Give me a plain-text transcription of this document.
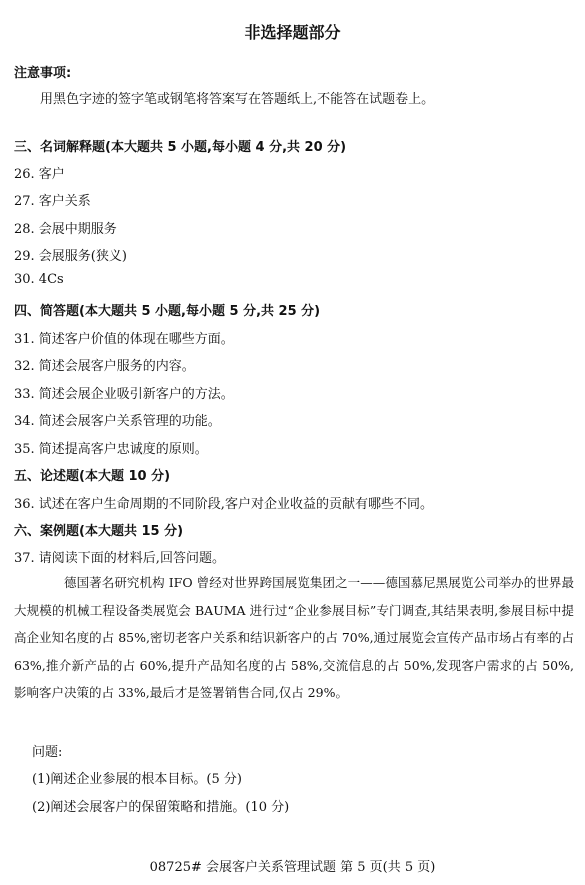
非选择题部分
注意事项:
用黑色字迹的签字笔或钢笔将答案写在答题纸上,不能答在试题卷上。
三、名词解释题(本大题共 5 小题,每小题 4 分,共 20 分)
26. 客户
27. 客户关系
28. 会展中期服务
29. 会展服务(狭义)
30. 4Cs
四、简答题(本大题共 5 小题,每小题 5 分,共 25 分)
31. 简述客户价值的体现在哪些方面。
32. 简述会展客户服务的内容。
33. 简述会展企业吸引新客户的方法。
34. 简述会展客户关系管理的功能。
35. 简述提高客户忠诚度的原则。
五、论述题(本大题 10 分)
36. 试述在客户生命周期的不同阶段,客户对企业收益的贡献有哪些不同。
六、案例题(本大题共 15 分)
37. 请阅读下面的材料后,回答问题。
德国著名研究机构 IFO 曾经对世界跨国展览集团之一——德国慕尼黑展览公司举办的世界最大规模的机械工程设备类展览会 BAUMA 进行过“企业参展目标”专门调查,其结果表明,参展目标中提高企业知名度的占 85%,密切老客户关系和结识新客户的占 70%,通过展览会宣传产品市场占有率的占 63%,推介新产品的占 60%,提升产品知名度的占 58%,交流信息的占 50%,发现客户需求的占 50%,影响客户决策的占 33%,最后才是签署销售合同,仅占 29%。
问题:
(1)阐述企业参展的根本目标。(5 分)
(2)阐述会展客户的保留策略和措施。(10 分)
08725# 会展客户关系管理试题 第 5 页(共 5 页)
